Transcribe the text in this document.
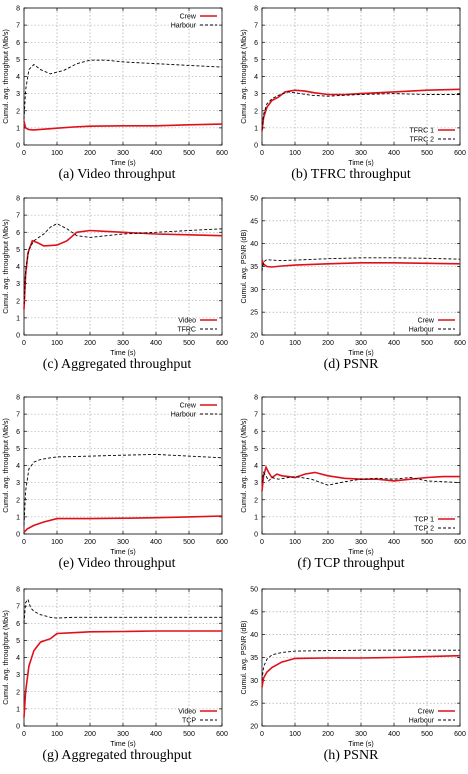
0
1
2
3
4
5
6
7
8
0	100	200	300	400	500	600
Time (s)
Cumul. avg. throughput (Mb/s)
Crew
Harbour
0
1
2
3
4
5
6
7
8
0	100	200	300	400	500	600
Time (s)
Cumul. avg. throughput (Mb/s)
TFRC 1
TFRC 2
0
1
2
3
4
5
6
7
8
0	100	200	300	400	500	600
Time (s)
Cumul. avg. throughput (Mb/s)
Video
TFRC
20
25
30
35
40
45
50
0	100	200	300	400	500	600
Time (s)
Cumul. avg. PSNR (dB)
Crew
Harbour
0
1
2
3
4
5
6
7
8
0	100	200	300	400	500	600
Time (s)
Cumul. avg. throughput (Mb/s)
Crew
Harbour
0
1
2
3
4
5
6
7
8
0	100	200	300	400	500	600
Time (s)
Cumul. avg. throughput (Mb/s)
TCP 1
TCP 2
0
1
2
3
4
5
6
7
8
0	100	200	300	400	500	600
Time (s)
Cumul. avg. throughput (Mb/s)
Video
TCP
20
25
30
35
40
45
50
0	100	200	300	400	500	600
Time (s)
Cumul. avg. PSNR (dB)
Crew
Harbour
(a) Video throughput	(b) TFRC throughput
(c) Aggregated throughput	(d) PSNR
(e) Video throughput	(f) TCP throughput
(g) Aggregated throughput	(h) PSNR
